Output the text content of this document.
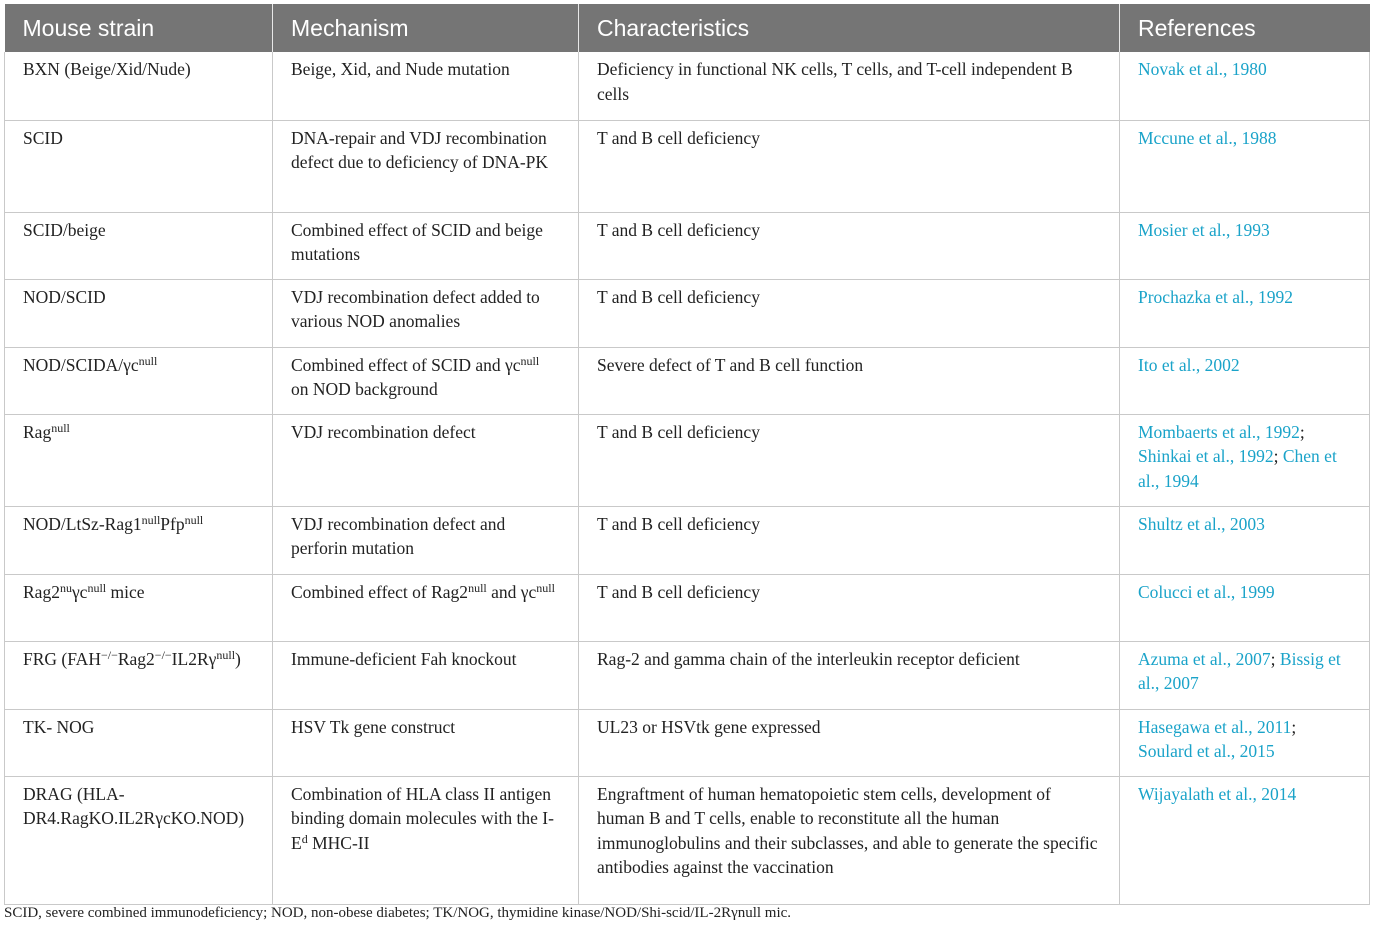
Mouse strain	Mechanism	Characteristics	References
BXN (Beige/Xid/Nude)	Beige, Xid, and Nude mutation	Deficiency in functional NK cells, T cells, and T-cell independent B cells	Novak et al., 1980
SCID	DNA-repair and VDJ recombination defect due to deficiency of DNA-PK	T and B cell deficiency	Mccune et al., 1988
SCID/beige	Combined effect of SCID and beige mutations	T and B cell deficiency	Mosier et al., 1993
NOD/SCID	VDJ recombination defect added to various NOD anomalies	T and B cell deficiency	Prochazka et al., 1992
NOD/$SCIDA/\gamma c^{null}$	Combined effect of SCID and $\gamma c^{null}$ on NOD background	Severe defect of T and B cell function	Ito et al., 2002
Rag$^{null}$	VDJ recombination defect	T and B cell deficiency	Mombaerts et al., 1992; Shinkai et al., 1992; Chen et al., 1994
NOD/$LtSz-Rag1^{null}Pfp^{null}$	VDJ recombination defect and perforin mutation	T and B cell deficiency	Shultz et al., 2003
$Rag2^{nu}\gamma c^{null}$ mice	Combined effect of $Rag2^{null}$ and $\gamma c^{null}$	T and B cell deficiency	Colucci et al., 1999
FRG $(FAH^{-/-}Rag2^{-/-}IL2R\gamma^{null})$	Immune-deficient Fah knockout	Rag-2 and gamma chain of the interleukin receptor deficient	Azuma et al., 2007; Bissig et al., 2007
TK- NOG	HSV Tk gene construct	UL23 or HSVtk gene expressed	Hasegawa et al., 2011; Soulard et al., 2015
DRAG (HLA-DR4.RagKO.IL2RγcKO.NOD)	Combination of HLA class II antigen binding domain molecules with the $I-E^d$ MHC-II	Engraftment of human hematopoietic stem cells, development of human B and T cells, enable to reconstitute all the human immunoglobulins and their subclasses, and able to generate the specific antibodies against the vaccination	Wijayalath et al., 2014
SCID, severe combined immunodeficiency; NOD, non-obese diabetes; TK/NOG, thymidine kinase/NOD/Shi-scid/IL-2Rγnull mic.
